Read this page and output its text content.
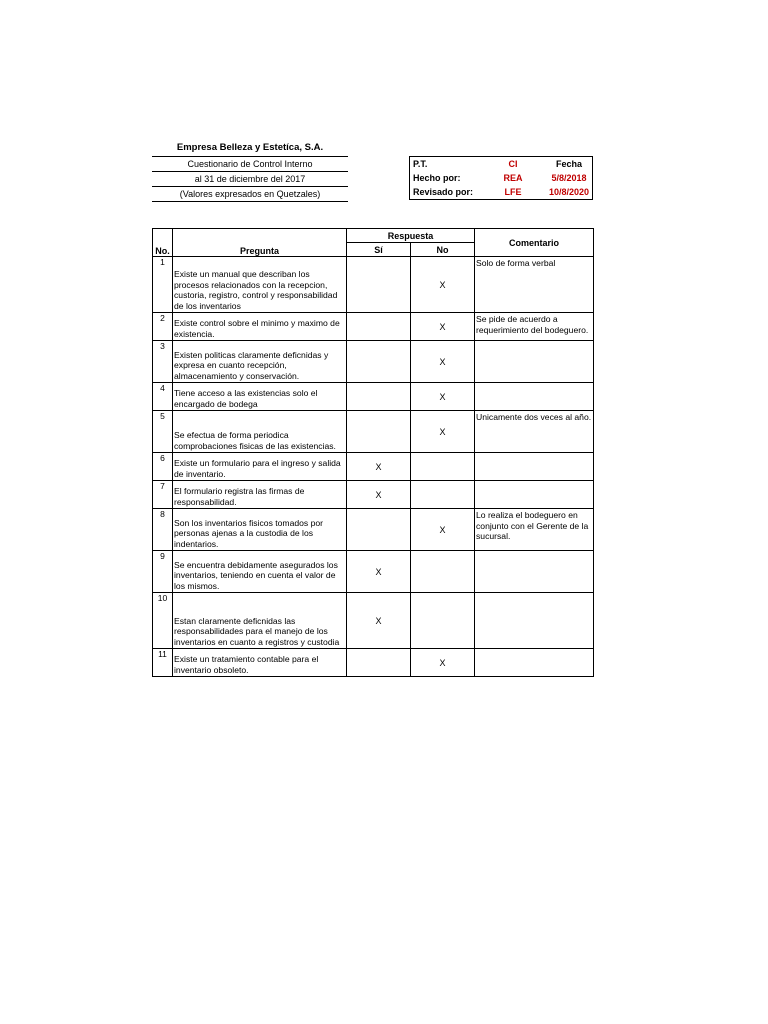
Empresa Belleza y Estetíca, S.A.
Cuestionario de Control Interno
al 31 de diciembre del 2017
(Valores expresados en Quetzales)
P.T.	CI	Fecha
Hecho por:	REA	5/8/2018
Revisado por:	LFE	10/8/2020
No.	Pregunta	Respuesta		Comentario
		Sí	No	
1	Existe un manual que describan los procesos relacionados con la recepcion, custoria, registro, control y responsabilidad de los inventarios		X	Solo de forma verbal
2	Existe control sobre el minimo y maximo de existencia.		X	Se pide de acuerdo a requerimiento del bodeguero.
3	Existen politicas claramente deficnidas y expresa en cuanto recepción, almacenamiento y conservación.		X	
4	Tiene acceso a las existencias solo el encargado de bodega		X	
5	Se efectua de forma periodica comprobaciones fisicas de las existencias.		X	Unicamente dos veces al año.
6	Existe un formulario para el ingreso y salida de inventario.	X		
7	El formulario registra las firmas de responsabilidad.	X		
8	Son los inventarios fisicos tomados por personas ajenas a la custodia de los indentarios.		X	Lo realiza el bodeguero en conjunto con el Gerente de la sucursal.
9	Se encuentra debidamente asegurados los inventarios, teniendo en cuenta el valor de los mismos.	X		
10	Estan claramente deficnidas las responsabilidades para el manejo de los inventarios en cuanto a registros y custodia	X		
11	Existe un tratamiento contable para el inventario obsoleto.		X	
